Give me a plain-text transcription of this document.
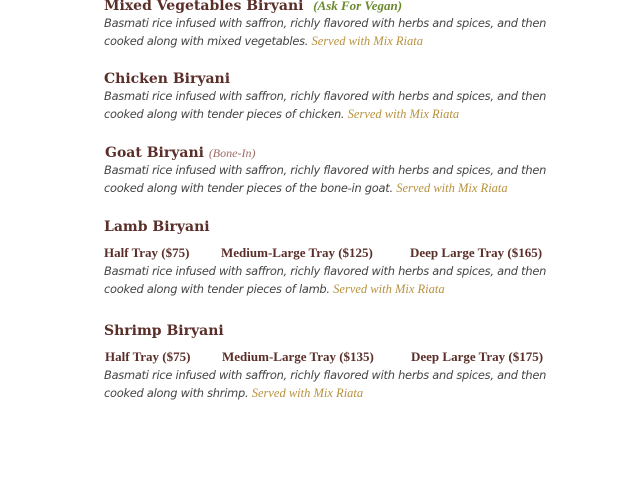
Mixed Vegetables Biryani (Ask For Vegan)
Basmati rice infused with saffron, richly flavored with herbs and spices, and then cooked along with mixed vegetables. Served with Mix Riata
Chicken Biryani
Basmati rice infused with saffron, richly flavored with herbs and spices, and then cooked along with tender pieces of chicken. Served with Mix Riata
Goat Biryani (Bone-In)
Basmati rice infused with saffron, richly flavored with herbs and spices, and then cooked along with tender pieces of the bone-in goat. Served with Mix Riata
Lamb Biryani
Half Tray ($75) Medium-Large Tray ($125)	Deep Large Tray ($165)
Basmati rice infused with saffron, richly flavored with herbs and spices, and then cooked along with tender pieces of lamb. Served with Mix Riata
Shrimp Biryani
Half Tray ($75) Medium-Large Tray ($135)	Deep Large Tray ($175)
Basmati rice infused with saffron, richly flavored with herbs and spices, and then cooked along with shrimp. Served with Mix Riata
